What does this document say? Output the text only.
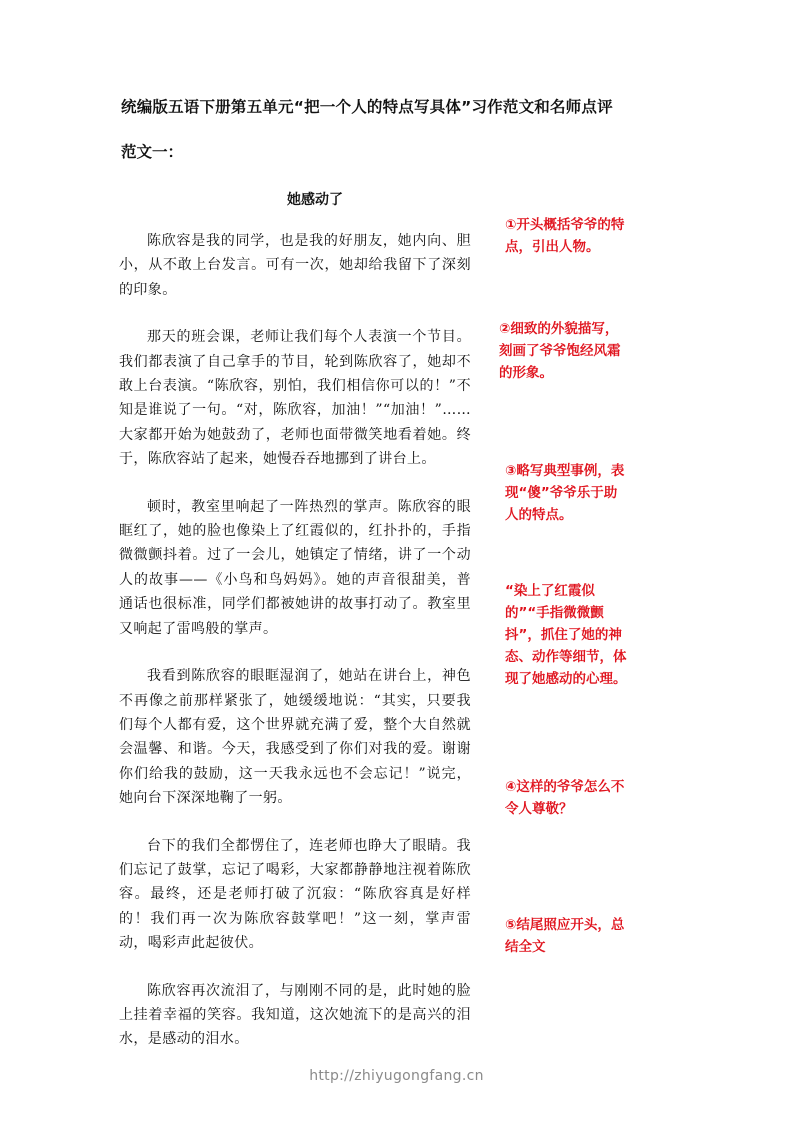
统编版五语下册第五单元“把一个人的特点写具体”习作范文和名师点评
范文一：
她感动了

陈欣容是我的同学，也是我的好朋友，她内向、胆小，从不敢上台发言。可有一次，她却给我留下了深刻的印象。

那天的班会课，老师让我们每个人表演一个节目。我们都表演了自己拿手的节目，轮到陈欣容了，她却不敢上台表演。“陈欣容，别怕，我们相信你可以的！”不知是谁说了一句。“对，陈欣容，加油！”“加油！”……大家都开始为她鼓劲了，老师也面带微笑地看着她。终于，陈欣容站了起来，她慢吞吞地挪到了讲台上。

顿时，教室里响起了一阵热烈的掌声。陈欣容的眼眶红了，她的脸也像染上了红霞似的，红扑扑的，手指微微颤抖着。过了一会儿，她镇定了情绪，讲了一个动人的故事——《小鸟和鸟妈妈》。她的声音很甜美，普通话也很标准，同学们都被她讲的故事打动了。教室里又响起了雷鸣般的掌声。

我看到陈欣容的眼眶湿润了，她站在讲台上，神色不再像之前那样紧张了，她缓缓地说：“其实，只要我们每个人都有爱，这个世界就充满了爱，整个大自然就会温馨、和谐。今天，我感受到了你们对我的爱。谢谢你们给我的鼓励，这一天我永远也不会忘记！”说完，她向台下深深地鞠了一躬。

台下的我们全都愣住了，连老师也睁大了眼睛。我们忘记了鼓掌，忘记了喝彩，大家都静静地注视着陈欣容。最终，还是老师打破了沉寂：“陈欣容真是好样的！我们再一次为陈欣容鼓掌吧！”这一刻，掌声雷动，喝彩声此起彼伏。

陈欣容再次流泪了，与刚刚不同的是，此时她的脸上挂着幸福的笑容。我知道，这次她流下的是高兴的泪水，是感动的泪水。

①开头概括爷爷的特点，引出人物。
②细致的外貌描写，刻画了爷爷饱经风霜的形象。
③略写典型事例，表现“傻”爷爷乐于助人的特点。
“染上了红霞似的”“手指微微颤抖”，抓住了她的神态、动作等细节，体现了她感动的心理。
④这样的爷爷怎么不令人尊敬？
⑤结尾照应开头，总结全文
http://zhiyugongfang.cn
